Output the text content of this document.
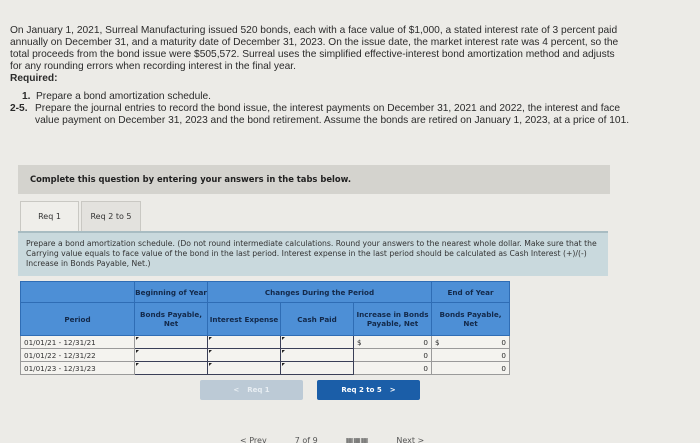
On January 1, 2021, Surreal Manufacturing issued 520 bonds, each with a face value of $1,000, a stated interest rate of 3 percent paid annually on December 31, and a maturity date of December 31, 2023. On the issue date, the market interest rate was 4 percent, so the total proceeds from the bond issue were $505,572. Surreal uses the simplified effective-interest bond amortization method and adjusts for any rounding errors when recording interest in the final year.
Required:
1. Prepare a bond amortization schedule.
2-5. Prepare the journal entries to record the bond issue, the interest payments on December 31, 2021 and 2022, the interest and face value payment on December 31, 2023 and the bond retirement. Assume the bonds are retired on January 1, 2023, at a price of 101.
Complete this question by entering your answers in the tabs below.
Req 1	Req 2 to 5
Prepare a bond amortization schedule. (Do not round intermediate calculations. Round your answers to the nearest whole dollar. Make sure that the Carrying value equals to face value of the bond in the last period. Interest expense in the last period should be calculated as Cash Interest (+)/(-) Increase in Bonds Payable, Net.)
	Beginning of Year	Changes During the Period			End of Year
Period	Bonds Payable, Net	Interest Expense	Cash Paid	Increase in Bonds Payable, Net	Bonds Payable, Net
01/01/21 - 12/31/21				$ 0	$ 0

01/01/22 - 12/31/22				0	0

01/01/23 - 12/31/23				0	0
< Req 1	Req 2 to 5 >
< Prev	7 of 9	▦▦▦	Next >
